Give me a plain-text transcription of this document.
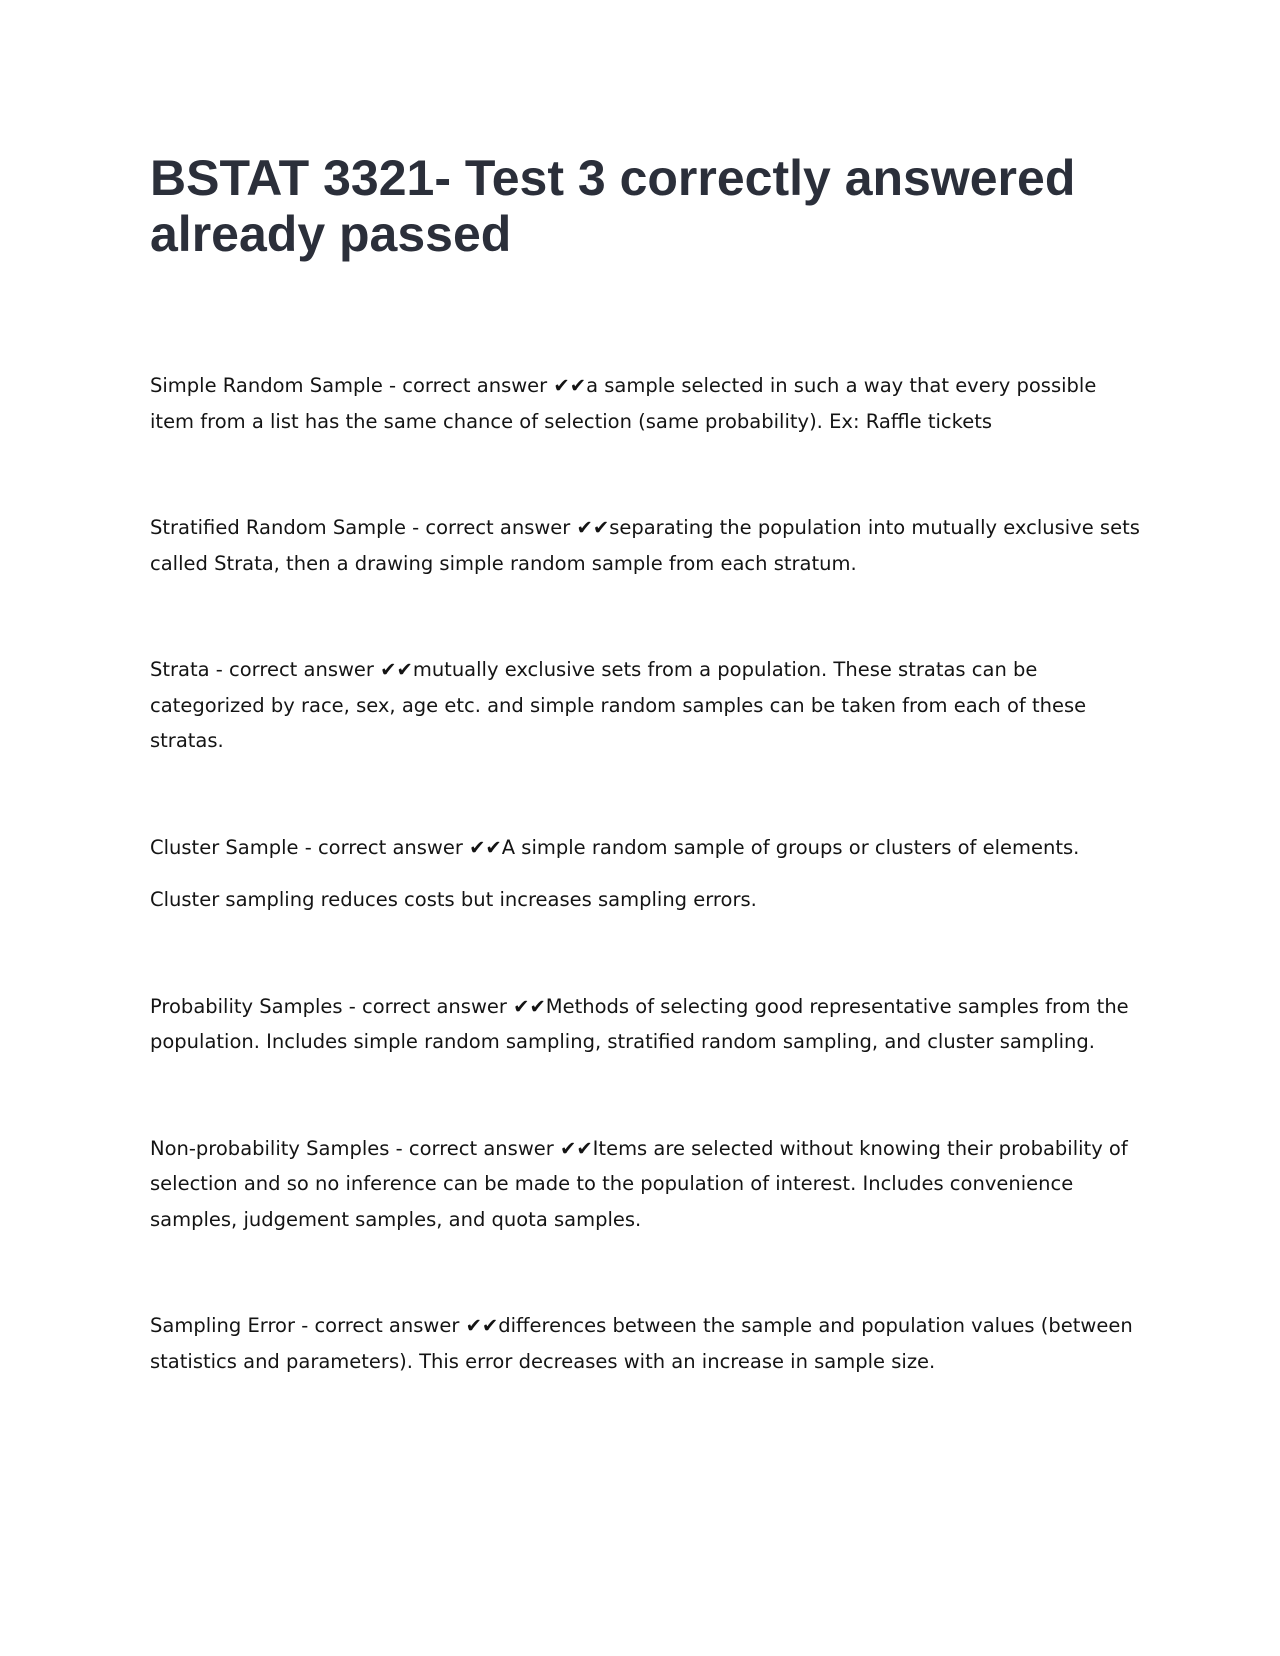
BSTAT 3321- Test 3 correctly answered already passed

Simple Random Sample - correct answer ✔✔a sample selected in such a way that every possible item from a list has the same chance of selection (same probability). Ex: Raffle tickets

Stratified Random Sample - correct answer ✔✔separating the population into mutually exclusive sets called Strata, then a drawing simple random sample from each stratum.

Strata - correct answer ✔✔mutually exclusive sets from a population. These stratas can be categorized by race, sex, age etc. and simple random samples can be taken from each of these stratas.

Cluster Sample - correct answer ✔✔A simple random sample of groups or clusters of elements.

Cluster sampling reduces costs but increases sampling errors.

Probability Samples - correct answer ✔✔Methods of selecting good representative samples from the population. Includes simple random sampling, stratified random sampling, and cluster sampling.

Non-probability Samples - correct answer ✔✔Items are selected without knowing their probability of selection and so no inference can be made to the population of interest. Includes convenience samples, judgement samples, and quota samples.

Sampling Error - correct answer ✔✔differences between the sample and population values (between statistics and parameters). This error decreases with an increase in sample size.
